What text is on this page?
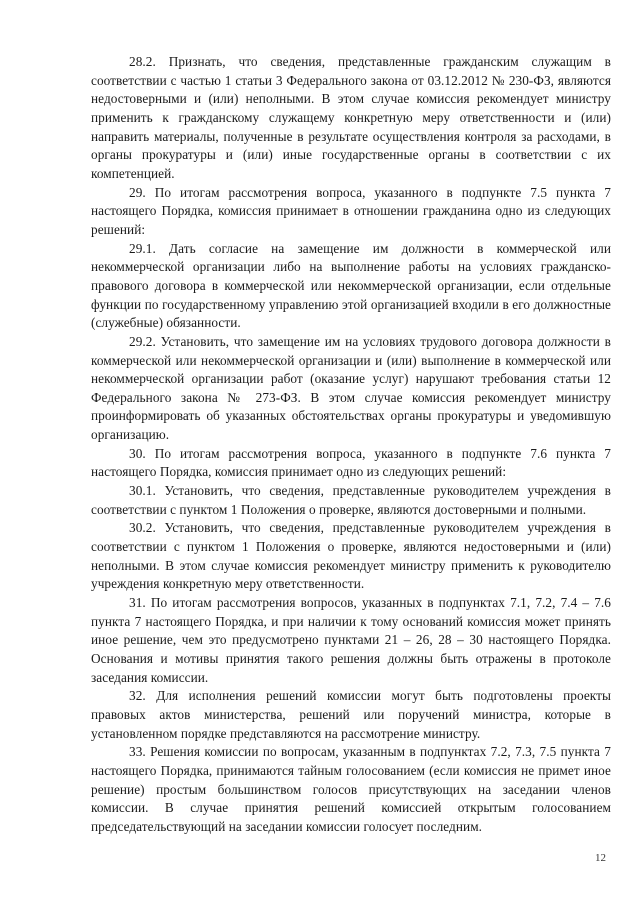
28.2. Признать, что сведения, представленные гражданским служащим в соответствии с частью 1 статьи 3 Федерального закона от 03.12.2012 № 230-ФЗ, являются недостоверными и (или) неполными. В этом случае комиссия рекомендует министру применить к гражданскому служащему конкретную меру ответственности и (или) направить материалы, полученные в результате осуществления контроля за расходами, в органы прокуратуры и (или) иные государственные органы в соответствии с их компетенцией.

29. По итогам рассмотрения вопроса, указанного в подпункте 7.5 пункта 7 настоящего Порядка, комиссия принимает в отношении гражданина одно из следующих решений:

29.1. Дать согласие на замещение им должности в коммерческой или некоммерческой организации либо на выполнение работы на условиях гражданско-правового договора в коммерческой или некоммерческой организации, если отдельные функции по государственному управлению этой организацией входили в его должностные (служебные) обязанности.

29.2. Установить, что замещение им на условиях трудового договора должности в коммерческой или некоммерческой организации и (или) выполнение в коммерческой или некоммерческой организации работ (оказание услуг) нарушают требования статьи 12 Федерального закона № 273-ФЗ. В этом случае комиссия рекомендует министру проинформировать об указанных обстоятельствах органы прокуратуры и уведомившую организацию.

30. По итогам рассмотрения вопроса, указанного в подпункте 7.6 пункта 7 настоящего Порядка, комиссия принимает одно из следующих решений:

30.1. Установить, что сведения, представленные руководителем учреждения в соответствии с пунктом 1 Положения о проверке, являются достоверными и полными.

30.2. Установить, что сведения, представленные руководителем учреждения в соответствии с пунктом 1 Положения о проверке, являются недостоверными и (или) неполными. В этом случае комиссия рекомендует министру применить к руководителю учреждения конкретную меру ответственности.

31. По итогам рассмотрения вопросов, указанных в подпунктах 7.1, 7.2, 7.4 – 7.6 пункта 7 настоящего Порядка, и при наличии к тому оснований комиссия может принять иное решение, чем это предусмотрено пунктами 21 – 26, 28 – 30 настоящего Порядка. Основания и мотивы принятия такого решения должны быть отражены в протоколе заседания комиссии.

32. Для исполнения решений комиссии могут быть подготовлены проекты правовых актов министерства, решений или поручений министра, которые в установленном порядке представляются на рассмотрение министру.

33. Решения комиссии по вопросам, указанным в подпунктах 7.2, 7.3, 7.5 пункта 7 настоящего Порядка, принимаются тайным голосованием (если комиссия не примет иное решение) простым большинством голосов присутствующих на заседании членов комиссии. В случае принятия решений комиссией открытым голосованием председательствующий на заседании комиссии голосует последним.

12
